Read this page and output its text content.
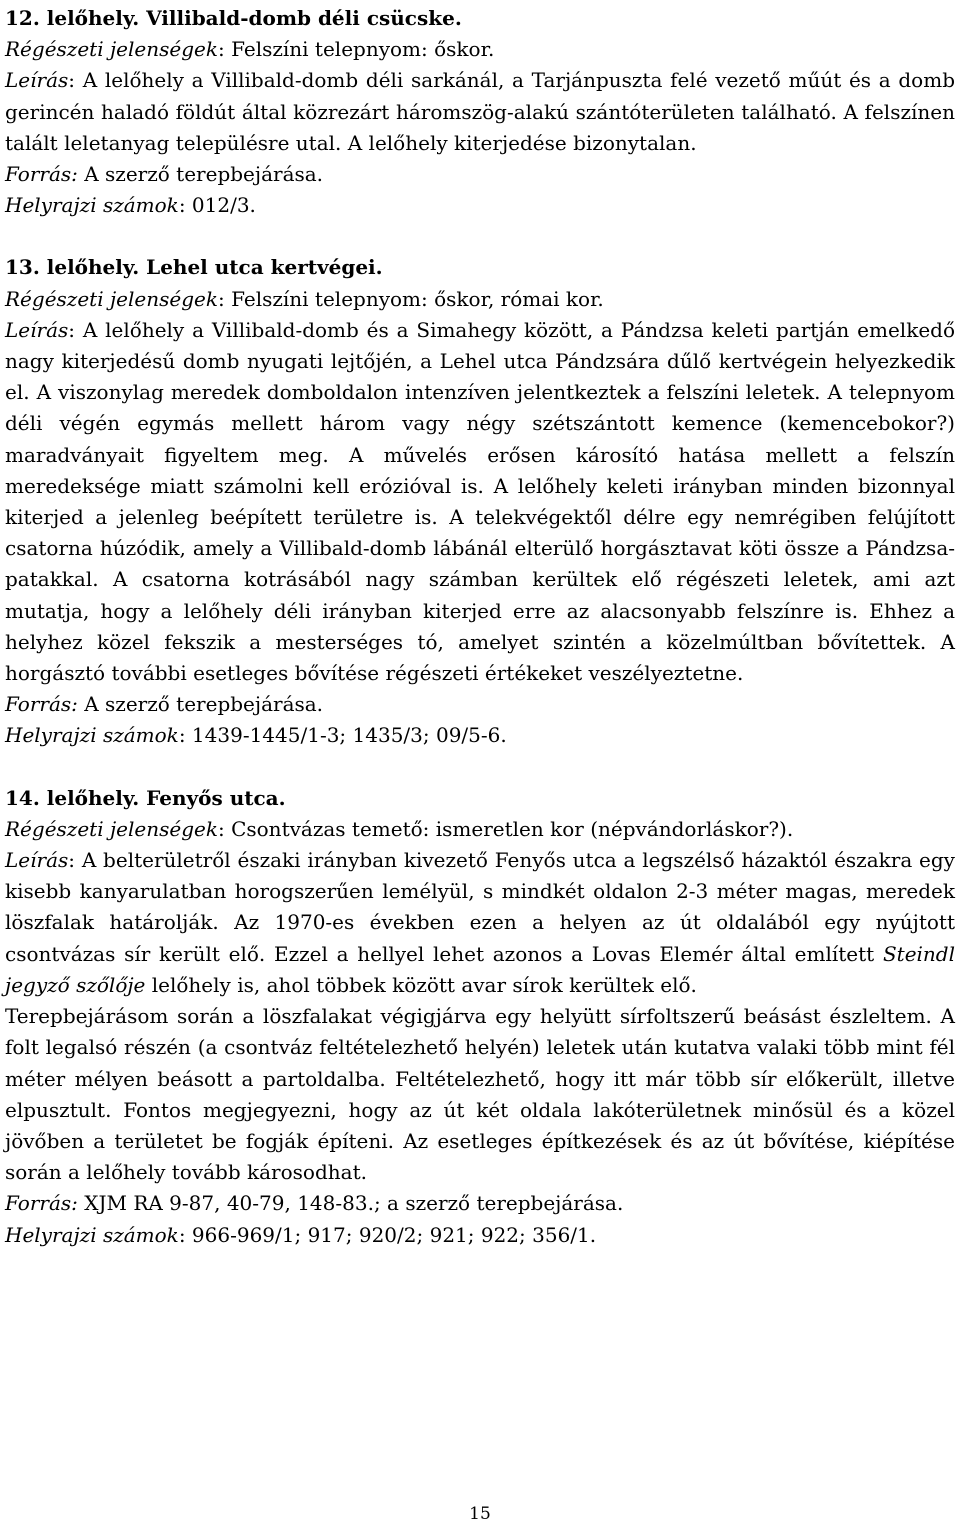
12. lelőhely. Villibald-domb déli csücske.

Régészeti jelenségek: Felszíni telepnyom: őskor.

Leírás: A lelőhely a Villibald-domb déli sarkánál, a Tarjánpuszta felé vezető műút és a domb gerincén haladó földút által közrezárt háromszög-alakú szántóterületen található. A felszínen talált leletanyag településre utal. A lelőhely kiterjedése bizonytalan.

Forrás: A szerző terepbejárása.

Helyrajzi számok: 012/3.

13. lelőhely. Lehel utca kertvégei.

Régészeti jelenségek: Felszíni telepnyom: őskor, római kor.

Leírás: A lelőhely a Villibald-domb és a Simahegy között, a Pándzsa keleti partján emelkedő nagy kiterjedésű domb nyugati lejtőjén, a Lehel utca Pándzsára dűlő kertvégein helyezkedik el. A viszonylag meredek domboldalon intenzíven jelentkeztek a felszíni leletek. A telepnyom déli végén egymás mellett három vagy négy szétszántott kemence (kemencebokor?) maradványait figyeltem meg. A művelés erősen károsító hatása mellett a felszín meredeksége miatt számolni kell erózióval is. A lelőhely keleti irányban minden bizonnyal kiterjed a jelenleg beépített területre is. A telekvégektől délre egy nemrégiben felújított csatorna húzódik, amely a Villibald-domb lábánál elterülő horgásztavat köti össze a Pándzsa-patakkal. A csatorna kotrásából nagy számban kerültek elő régészeti leletek, ami azt mutatja, hogy a lelőhely déli irányban kiterjed erre az alacsonyabb felszínre is. Ehhez a helyhez közel fekszik a mesterséges tó, amelyet szintén a közelmúltban bővítettek. A horgásztó további esetleges bővítése régészeti értékeket veszélyeztetne.

Forrás: A szerző terepbejárása.

Helyrajzi számok: 1439-1445/1-3; 1435/3; 09/5-6.

14. lelőhely. Fenyős utca.

Régészeti jelenségek: Csontvázas temető: ismeretlen kor (népvándorláskor?).

Leírás: A belterületről északi irányban kivezető Fenyős utca a legszélső házaktól északra egy kisebb kanyarulatban horogszerűen lemélyül, s mindkét oldalon 2-3 méter magas, meredek löszfalak határolják. Az 1970-es években ezen a helyen az út oldalából egy nyújtott csontvázas sír került elő. Ezzel a hellyel lehet azonos a Lovas Elemér által említett Steindl jegyző szőlője lelőhely is, ahol többek között avar sírok kerültek elő.

Terepbejárásom során a löszfalakat végigjárva egy helyütt sírfoltszerű beásást észleltem. A folt legalsó részén (a csontváz feltételezhető helyén) leletek után kutatva valaki több mint fél méter mélyen beásott a partoldalba. Feltételezhető, hogy itt már több sír előkerült, illetve elpusztult. Fontos megjegyezni, hogy az út két oldala lakóterületnek minősül és a közel jövőben a területet be fogják építeni. Az esetleges építkezések és az út bővítése, kiépítése során a lelőhely tovább károsodhat.

Forrás: XJM RA 9-87, 40-79, 148-83.; a szerző terepbejárása.

Helyrajzi számok: 966-969/1; 917; 920/2; 921; 922; 356/1.

15
